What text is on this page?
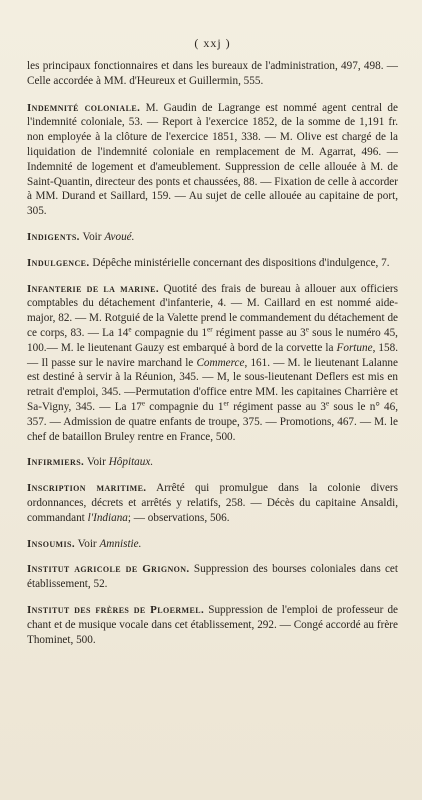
( xxj )

les principaux fonctionnaires et dans les bureaux de l'administration, 497, 498. — Celle accordée à MM. d'Heureux et Guillermin, 555.

Indemnité coloniale. M. Gaudin de Lagrange est nommé agent central de l'indemnité coloniale, 53. — Report à l'exercice 1852, de la somme de 1,191 fr. non employée à la clôture de l'exercice 1851, 338. — M. Olive est chargé de la liquidation de l'indemnité coloniale en remplacement de M. Agarrat, 496. — Indemnité de logement et d'ameublement. Suppression de celle allouée à M. de Saint-Quantin, directeur des ponts et chaussées, 88. — Fixation de celle à accorder à MM. Durand et Saillard, 159. — Au sujet de celle allouée au capitaine de port, 305.

Indigents. Voir Avoué.

Indulgence. Dépêche ministérielle concernant des dispositions d'indulgence, 7.

Infanterie de la marine. Quotité des frais de bureau à allouer aux officiers comptables du détachement d'infanterie, 4. — M. Caillard en est nommé aide-major, 82. — M. Rotguié de la Valette prend le commandement du détachement de ce corps, 83. — La 14e compagnie du 1er régiment passe au 3e sous le numéro 45, 100.— M. le lieutenant Gauzy est embarqué à bord de la corvette la Fortune, 158. — Il passe sur le navire marchand le Commerce, 161. — M. le lieutenant Lalanne est destiné à servir à la Réunion, 345. — M, le sous-lieutenant Deflers est mis en retrait d'emploi, 345. —Permutation d'office entre MM. les capitaines Charrière et Sa-Vigny, 345. — La 17e compagnie du 1er régiment passe au 3e sous le n° 46, 357. — Admission de quatre enfants de troupe, 375. — Promotions, 467. — M. le chef de bataillon Bruley rentre en France, 500.

Infirmiers. Voir Hôpitaux.

Inscription maritime. Arrêté qui promulgue dans la colonie divers ordonnances, décrets et arrêtés y relatifs, 258. — Décès du capitaine Ansaldi, commandant l'Indiana; — observations, 506.

Insoumis. Voir Amnistie.

Institut agricole de Grignon. Suppression des bourses coloniales dans cet établissement, 52.

Institut des frères de Ploermel. Suppression de l'emploi de professeur de chant et de musique vocale dans cet établissement, 292. — Congé accordé au frère Thominet, 500.
